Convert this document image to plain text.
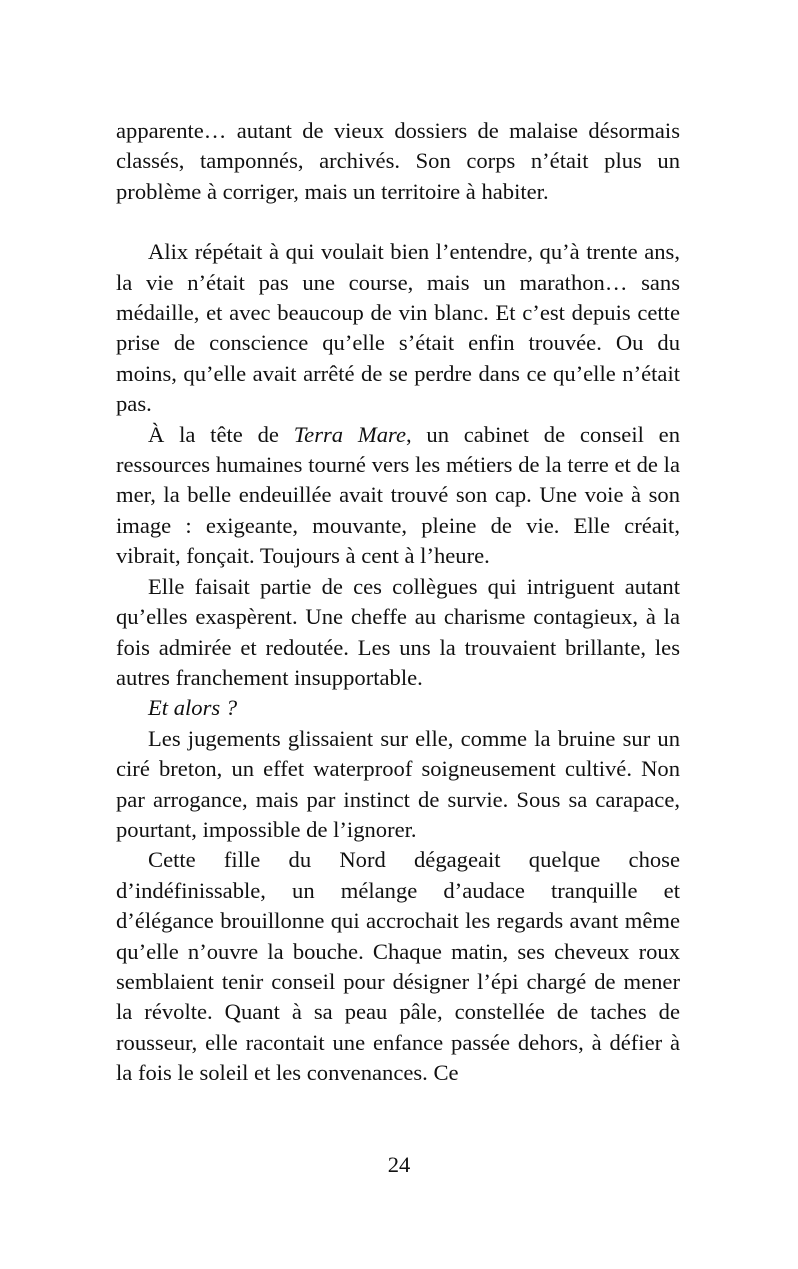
apparente… autant de vieux dossiers de malaise désormais classés, tamponnés, archivés. Son corps n’était plus un problème à corriger, mais un territoire à habiter.

Alix répétait à qui voulait bien l’entendre, qu’à trente ans, la vie n’était pas une course, mais un marathon… sans médaille, et avec beaucoup de vin blanc. Et c’est depuis cette prise de conscience qu’elle s’était enfin trouvée. Ou du moins, qu’elle avait arrêté de se perdre dans ce qu’elle n’était pas.

À la tête de Terra Mare, un cabinet de conseil en ressources humaines tourné vers les métiers de la terre et de la mer, la belle endeuillée avait trouvé son cap. Une voie à son image : exigeante, mouvante, pleine de vie. Elle créait, vibrait, fonçait. Toujours à cent à l’heure.

Elle faisait partie de ces collègues qui intriguent autant qu’elles exaspèrent. Une cheffe au charisme contagieux, à la fois admirée et redoutée. Les uns la trouvaient brillante, les autres franchement insupportable.

Et alors ?

Les jugements glissaient sur elle, comme la bruine sur un ciré breton, un effet waterproof soigneusement cultivé. Non par arrogance, mais par instinct de survie. Sous sa carapace, pourtant, impossible de l’ignorer.

Cette fille du Nord dégageait quelque chose d’indéfinissable, un mélange d’audace tranquille et d’élégance brouillonne qui accrochait les regards avant même qu’elle n’ouvre la bouche. Chaque matin, ses cheveux roux semblaient tenir conseil pour désigner l’épi chargé de mener la révolte. Quant à sa peau pâle, constellée de taches de rousseur, elle racontait une enfance passée dehors, à défier à la fois le soleil et les convenances. Ce

24
